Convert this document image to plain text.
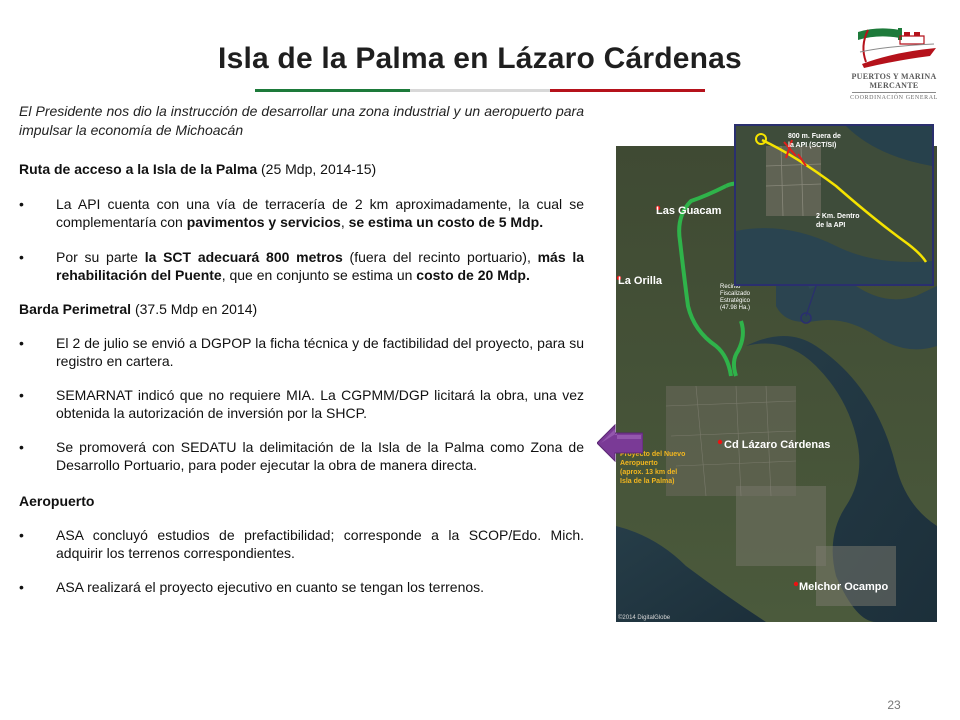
Isla de la Palma en Lázaro Cárdenas
PUERTOS Y MARINA
MERCANTE
COORDINACIÓN GENERAL

El Presidente nos dio la instrucción de desarrollar una zona industrial y un aeropuerto para impulsar la economía de Michoacán

Ruta de acceso a la Isla de la Palma (25 Mdp, 2014-15)

• La API cuenta con una vía de terracería de 2 km aproximadamente, la cual se complementaría con pavimentos y servicios, se estima un costo de 5 Mdp.

• Por su parte la SCT adecuará 800 metros (fuera del recinto portuario), más la rehabilitación del Puente, que en conjunto se estima un costo de 20 Mdp.

Barda Perimetral (37.5 Mdp en 2014)

• El 2 de julio se envió a DGPOP la ficha técnica y de factibilidad del proyecto, para su registro en cartera.

• SEMARNAT indicó que no requiere MIA. La CGPMM/DGP licitará la obra, una vez obtenida la autorización de inversión por la SHCP.

• Se promoverá con SEDATU la delimitación de la Isla de la Palma como Zona de Desarrollo Portuario, para poder ejecutar la obra de manera directa.

Aeropuerto

• ASA concluyó estudios de prefactibilidad; corresponde a la SCOP/Edo. Mich. adquirir los terrenos correspondientes.

• ASA realizará el proyecto ejecutivo en cuanto se tengan los terrenos.

Las Guacam
La Orilla
Cd Lázaro Cárdenas
Melchor Ocampo
Recinto
Fiscalizado
Estratégico
(47.98 Ha.)
Proyecto del Nuevo
Aeropuerto
(aprox. 13 km del
Isla de la Palma)
©2014 DigitalGlobe
800 m. Fuera de
la API (SCT/SI)
2 Km. Dentro
de la API
23
